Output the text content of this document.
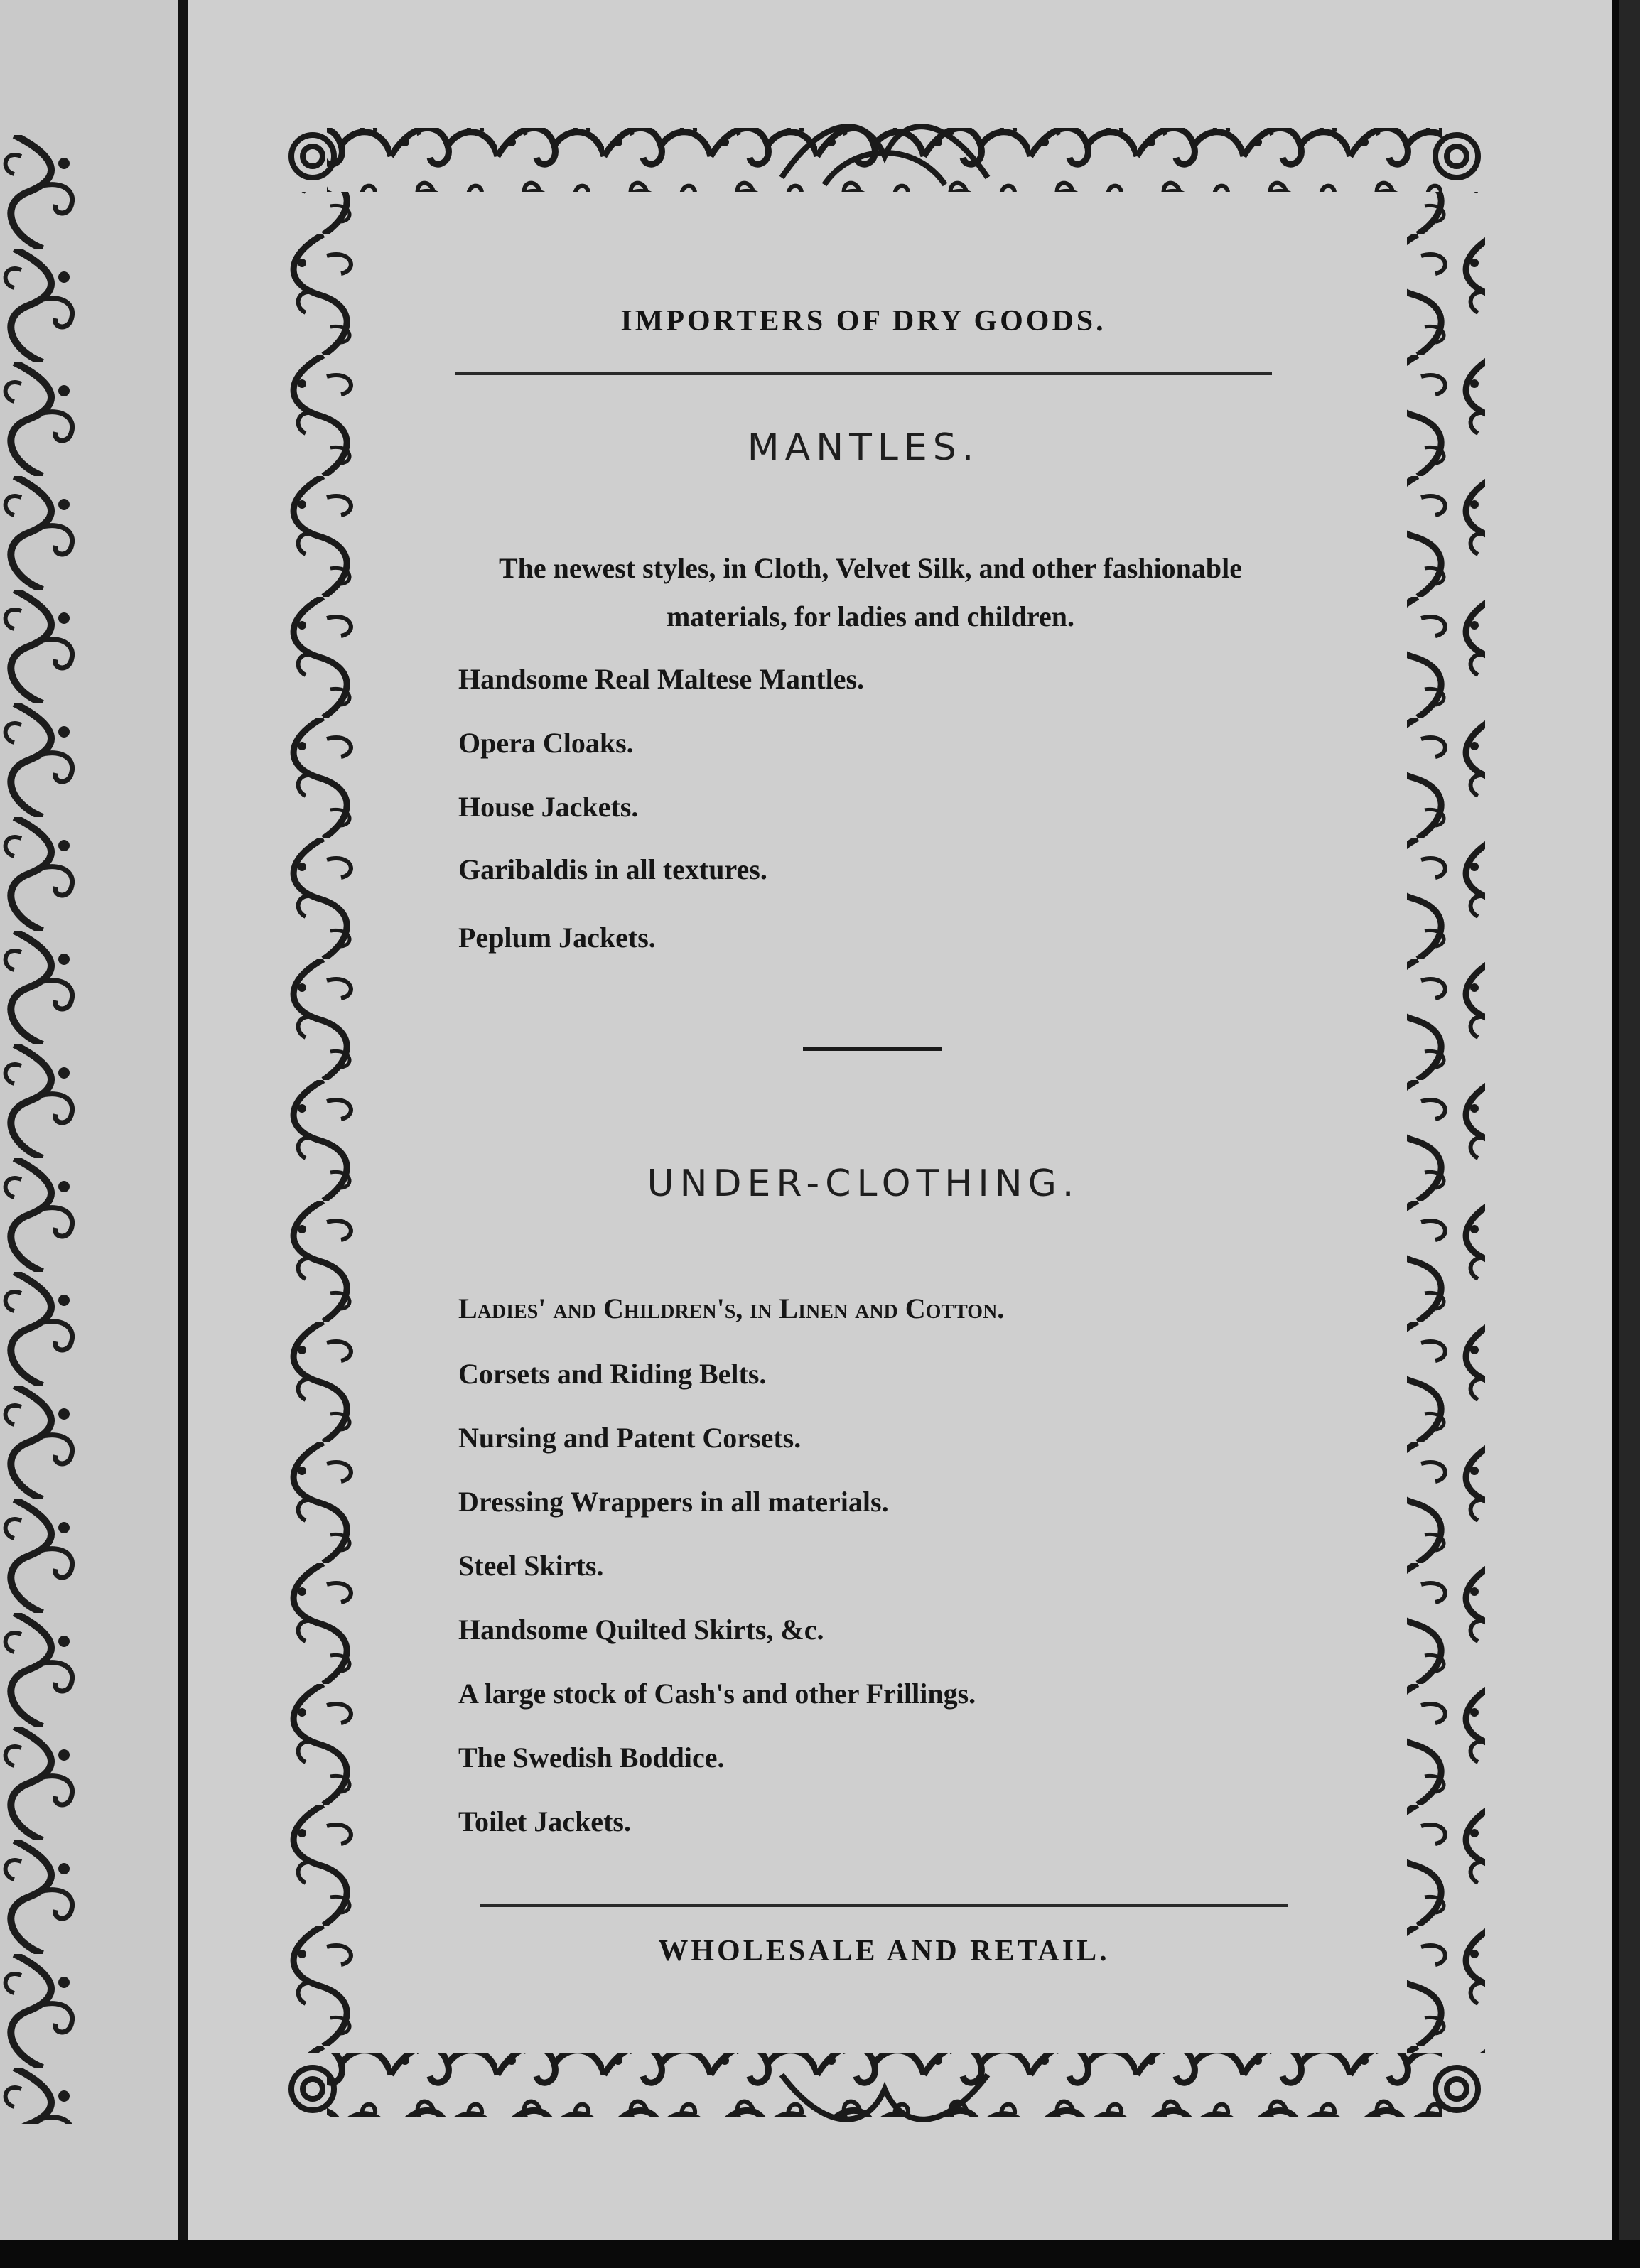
IMPORTERS OF DRY GOODS.
MANTLES.
The newest styles, in Cloth, Velvet Silk, and other fashionable materials, for ladies and children.
Handsome Real Maltese Mantles.
Opera Cloaks.
House Jackets.
Garibaldis in all textures.
Peplum Jackets.
UNDER-CLOTHING.
Ladies' and Children's, in Linen and Cotton.
Corsets and Riding Belts.
Nursing and Patent Corsets.
Dressing Wrappers in all materials.
Steel Skirts.
Handsome Quilted Skirts, &c.
A large stock of Cash's and other Frillings.
The Swedish Boddice.
Toilet Jackets.
WHOLESALE AND RETAIL.
